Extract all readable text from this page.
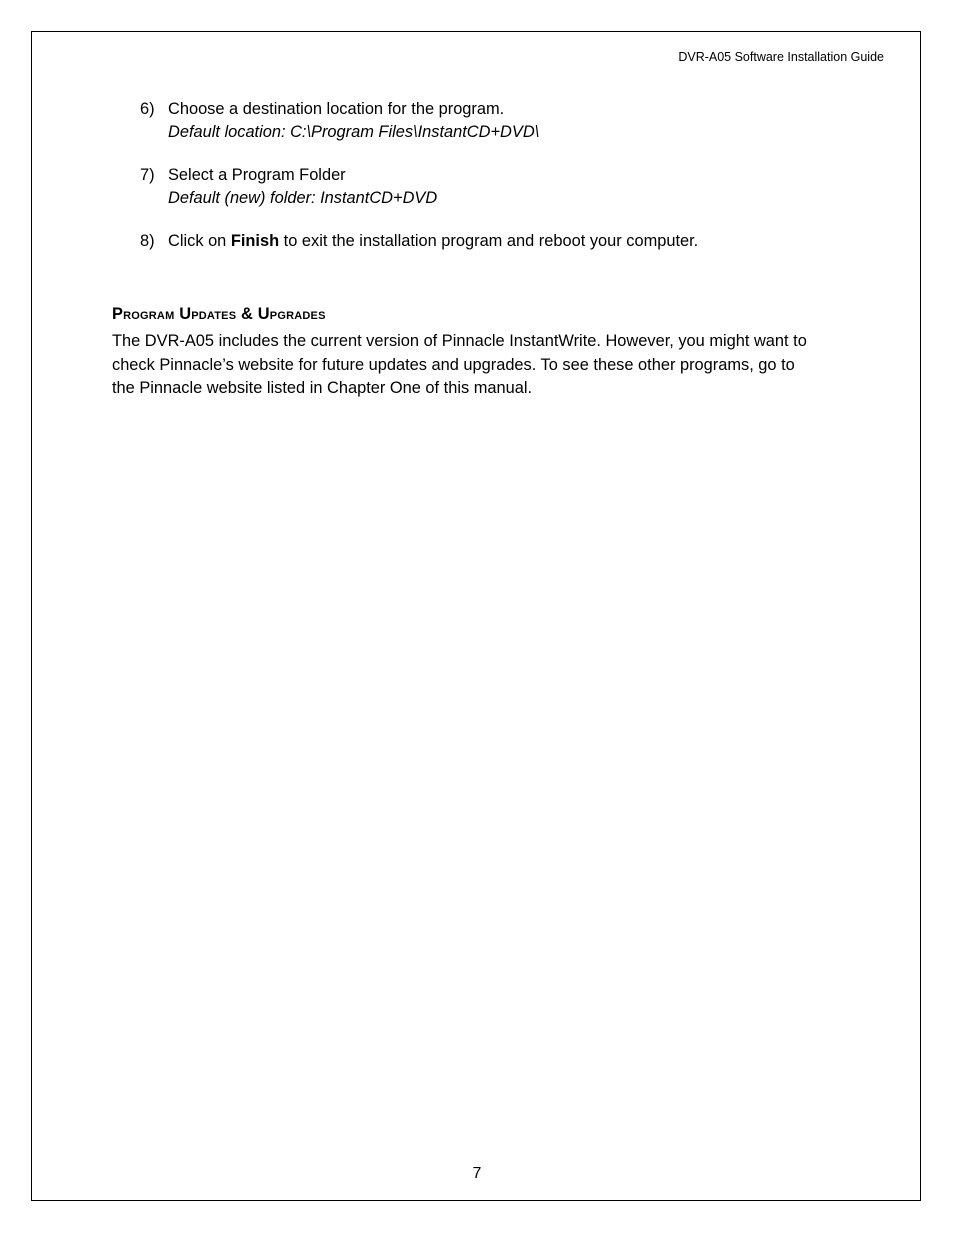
DVR-A05 Software Installation Guide
6) Choose a destination location for the program.
Default location: C:\Program Files\InstantCD+DVD\
7) Select a Program Folder
Default (new) folder: InstantCD+DVD
8) Click on Finish to exit the installation program and reboot your computer.
Program Updates & Upgrades
The DVR-A05 includes the current version of Pinnacle InstantWrite. However, you might want to
check Pinnacle’s website for future updates and upgrades. To see these other programs, go to
the Pinnacle website listed in Chapter One of this manual.
7
